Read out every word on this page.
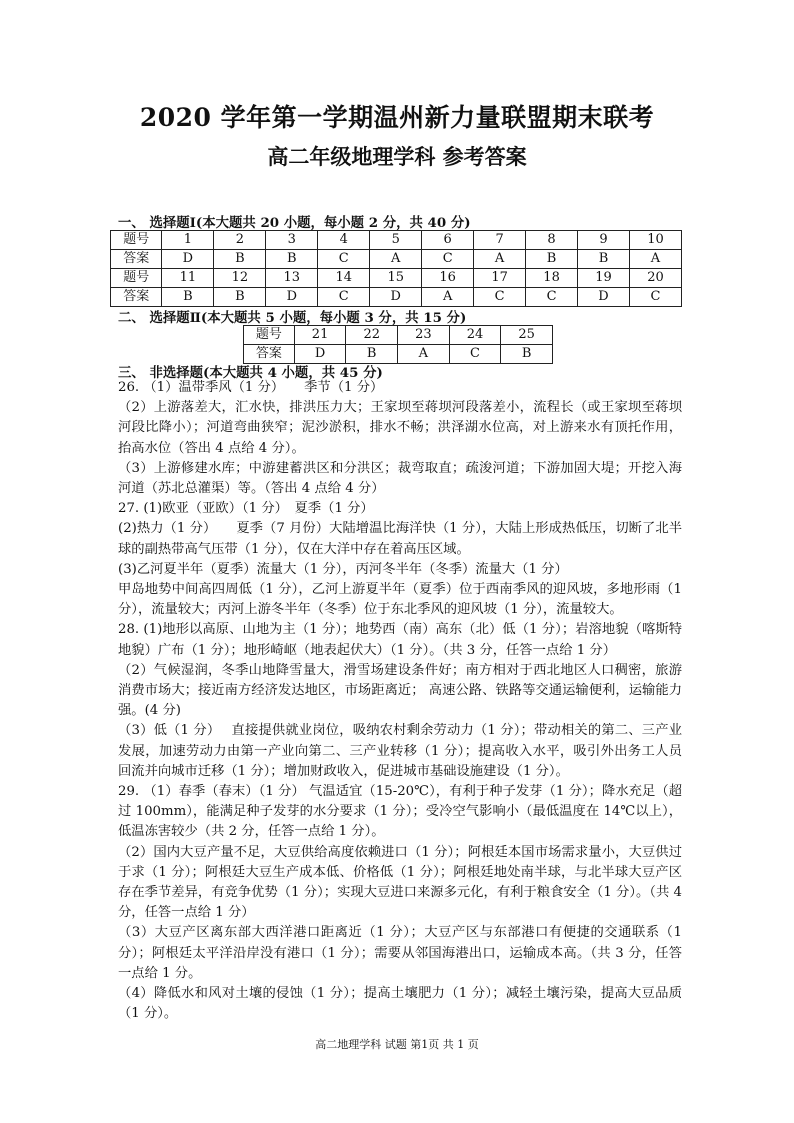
2020 学年第一学期温州新力量联盟期末联考
高二年级地理学科 参考答案
一、 选择题Ⅰ(本大题共 20 小题，每小题 2 分，共 40 分)
题号	1	2	3	4	5	6	7	8	9	10
答案	D	B	B	C	A	C	A	B	B	A
题号	11	12	13	14	15	16	17	18	19	20
答案	B	B	D	C	D	A	C	C	D	C
二、 选择题Ⅱ(本大题共 5 小题，每小题 3 分，共 15 分)
题号	21	22	23	24	25
答案	D	B	A	C	B
三、 非选择题(本大题共 4 小题，共 45 分)

26. （1）温带季风（1 分）　　季节（1 分）

（2）上游落差大，汇水快，排洪压力大；王家坝至蒋坝河段落差小，流程长（或王家坝至蒋坝河段比降小）；河道弯曲狭窄；泥沙淤积，排水不畅；洪泽湖水位高，对上游来水有顶托作用，抬高水位（答出 4 点给 4 分）。

（3）上游修建水库；中游建蓄洪区和分洪区；裁弯取直；疏浚河道；下游加固大堤；开挖入海河道（苏北总灌渠）等。（答出 4 点给 4 分）

27. (1)欧亚（亚欧）（1 分）　夏季（1 分）

(2)热力（1 分）　　夏季（7 月份）大陆增温比海洋快（1 分），大陆上形成热低压，切断了北半球的副热带高气压带（1 分），仅在大洋中存在着高压区域。

(3)乙河夏半年（夏季）流量大（1 分），丙河冬半年（冬季）流量大（1 分）

甲岛地势中间高四周低（1 分），乙河上游夏半年（夏季）位于西南季风的迎风坡，多地形雨（1 分），流量较大；丙河上游冬半年（冬季）位于东北季风的迎风坡（1 分），流量较大。

28. (1)地形以高原、山地为主（1 分）；地势西（南）高东（北）低（1 分）；岩溶地貌（喀斯特地貌）广布（1 分）；地形崎岖（地表起伏大）（1 分）。（共 3 分，任答一点给 1 分）

（2）气候湿润，冬季山地降雪量大，滑雪场建设条件好；南方相对于西北地区人口稠密，旅游消费市场大；接近南方经济发达地区，市场距离近； 高速公路、铁路等交通运输便利，运输能力强。(4 分)

（3）低（1 分）　 直接提供就业岗位，吸纳农村剩余劳动力（1 分）；带动相关的第二、三产业发展，加速劳动力由第一产业向第二、三产业转移（1 分）；提高收入水平，吸引外出务工人员回流并向城市迁移（1 分）；增加财政收入，促进城市基础设施建设（1 分）。

29. （1）春季（春末）（1 分） 气温适宜（15-20℃），有利于种子发芽（1 分）；降水充足（超过 100mm），能满足种子发芽的水分要求（1 分）；受冷空气影响小（最低温度在 14℃以上），低温冻害较少（共 2 分，任答一点给 1 分）。

（2）国内大豆产量不足，大豆供给高度依赖进口（1 分）；阿根廷本国市场需求量小，大豆供过于求（1 分）；阿根廷大豆生产成本低、价格低（1 分）；阿根廷地处南半球，与北半球大豆产区存在季节差异，有竞争优势（1 分）；实现大豆进口来源多元化，有利于粮食安全（1 分）。（共 4 分，任答一点给 1 分）

（3）大豆产区离东部大西洋港口距离近（1 分）；大豆产区与东部港口有便捷的交通联系（1 分）；阿根廷太平洋沿岸没有港口（1 分）；需要从邻国海港出口，运输成本高。（共 3 分，任答一点给 1 分。

（4）降低水和风对土壤的侵蚀（1 分）；提高土壤肥力（1 分）；减轻土壤污染，提高大豆品质（1 分）。

高二地理学科 试题 第1页 共 1 页
